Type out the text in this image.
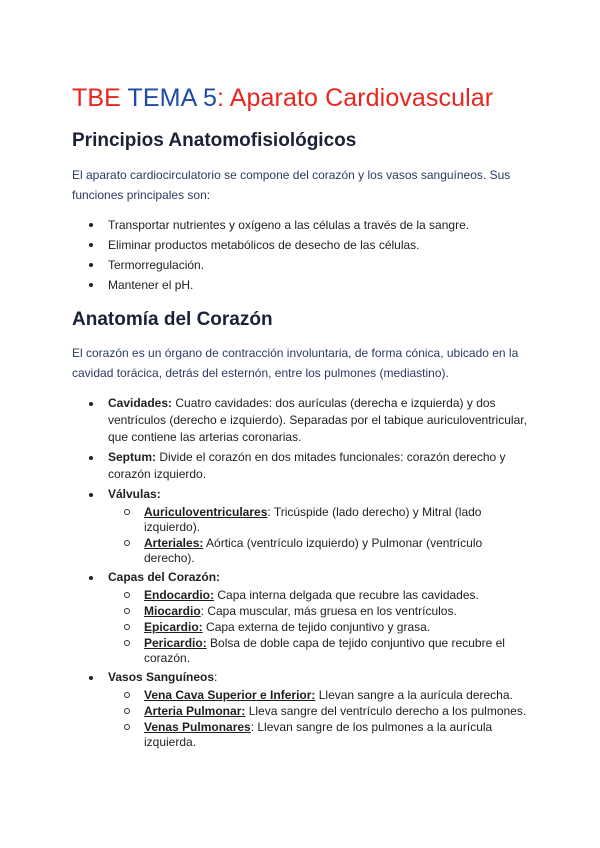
TBE TEMA 5: Aparato Cardiovascular
Principios Anatomofisiológicos

El aparato cardiocirculatorio se compone del corazón y los vasos sanguíneos. Sus funciones principales son:

Transportar nutrientes y oxígeno a las células a través de la sangre.
Eliminar productos metabólicos de desecho de las células.
Termorregulación.
Mantener el pH.
Anatomía del Corazón

El corazón es un órgano de contracción involuntaria, de forma cónica, ubicado en la cavidad torácica, detrás del esternón, entre los pulmones (mediastino).

Cavidades: Cuatro cavidades: dos aurículas (derecha e izquierda) y dos ventrículos (derecho e izquierdo). Separadas por el tabique auriculoventricular, que contiene las arterias coronarias.
Septum: Divide el corazón en dos mitades funcionales: corazón derecho y corazón izquierdo.
Válvulas:
Auriculoventriculares: Tricúspide (lado derecho) y Mitral (lado izquierdo).
Arteriales: Aórtica (ventrículo izquierdo) y Pulmonar (ventrículo derecho).
Capas del Corazón:
Endocardio: Capa interna delgada que recubre las cavidades.
Miocardio: Capa muscular, más gruesa en los ventrículos.
Epicardio: Capa externa de tejido conjuntivo y grasa.
Pericardio: Bolsa de doble capa de tejido conjuntivo que recubre el corazón.
Vasos Sanguíneos:
Vena Cava Superior e Inferior: Llevan sangre a la aurícula derecha.
Arteria Pulmonar: Lleva sangre del ventrículo derecho a los pulmones.
Venas Pulmonares: Llevan sangre de los pulmones a la aurícula izquierda.
